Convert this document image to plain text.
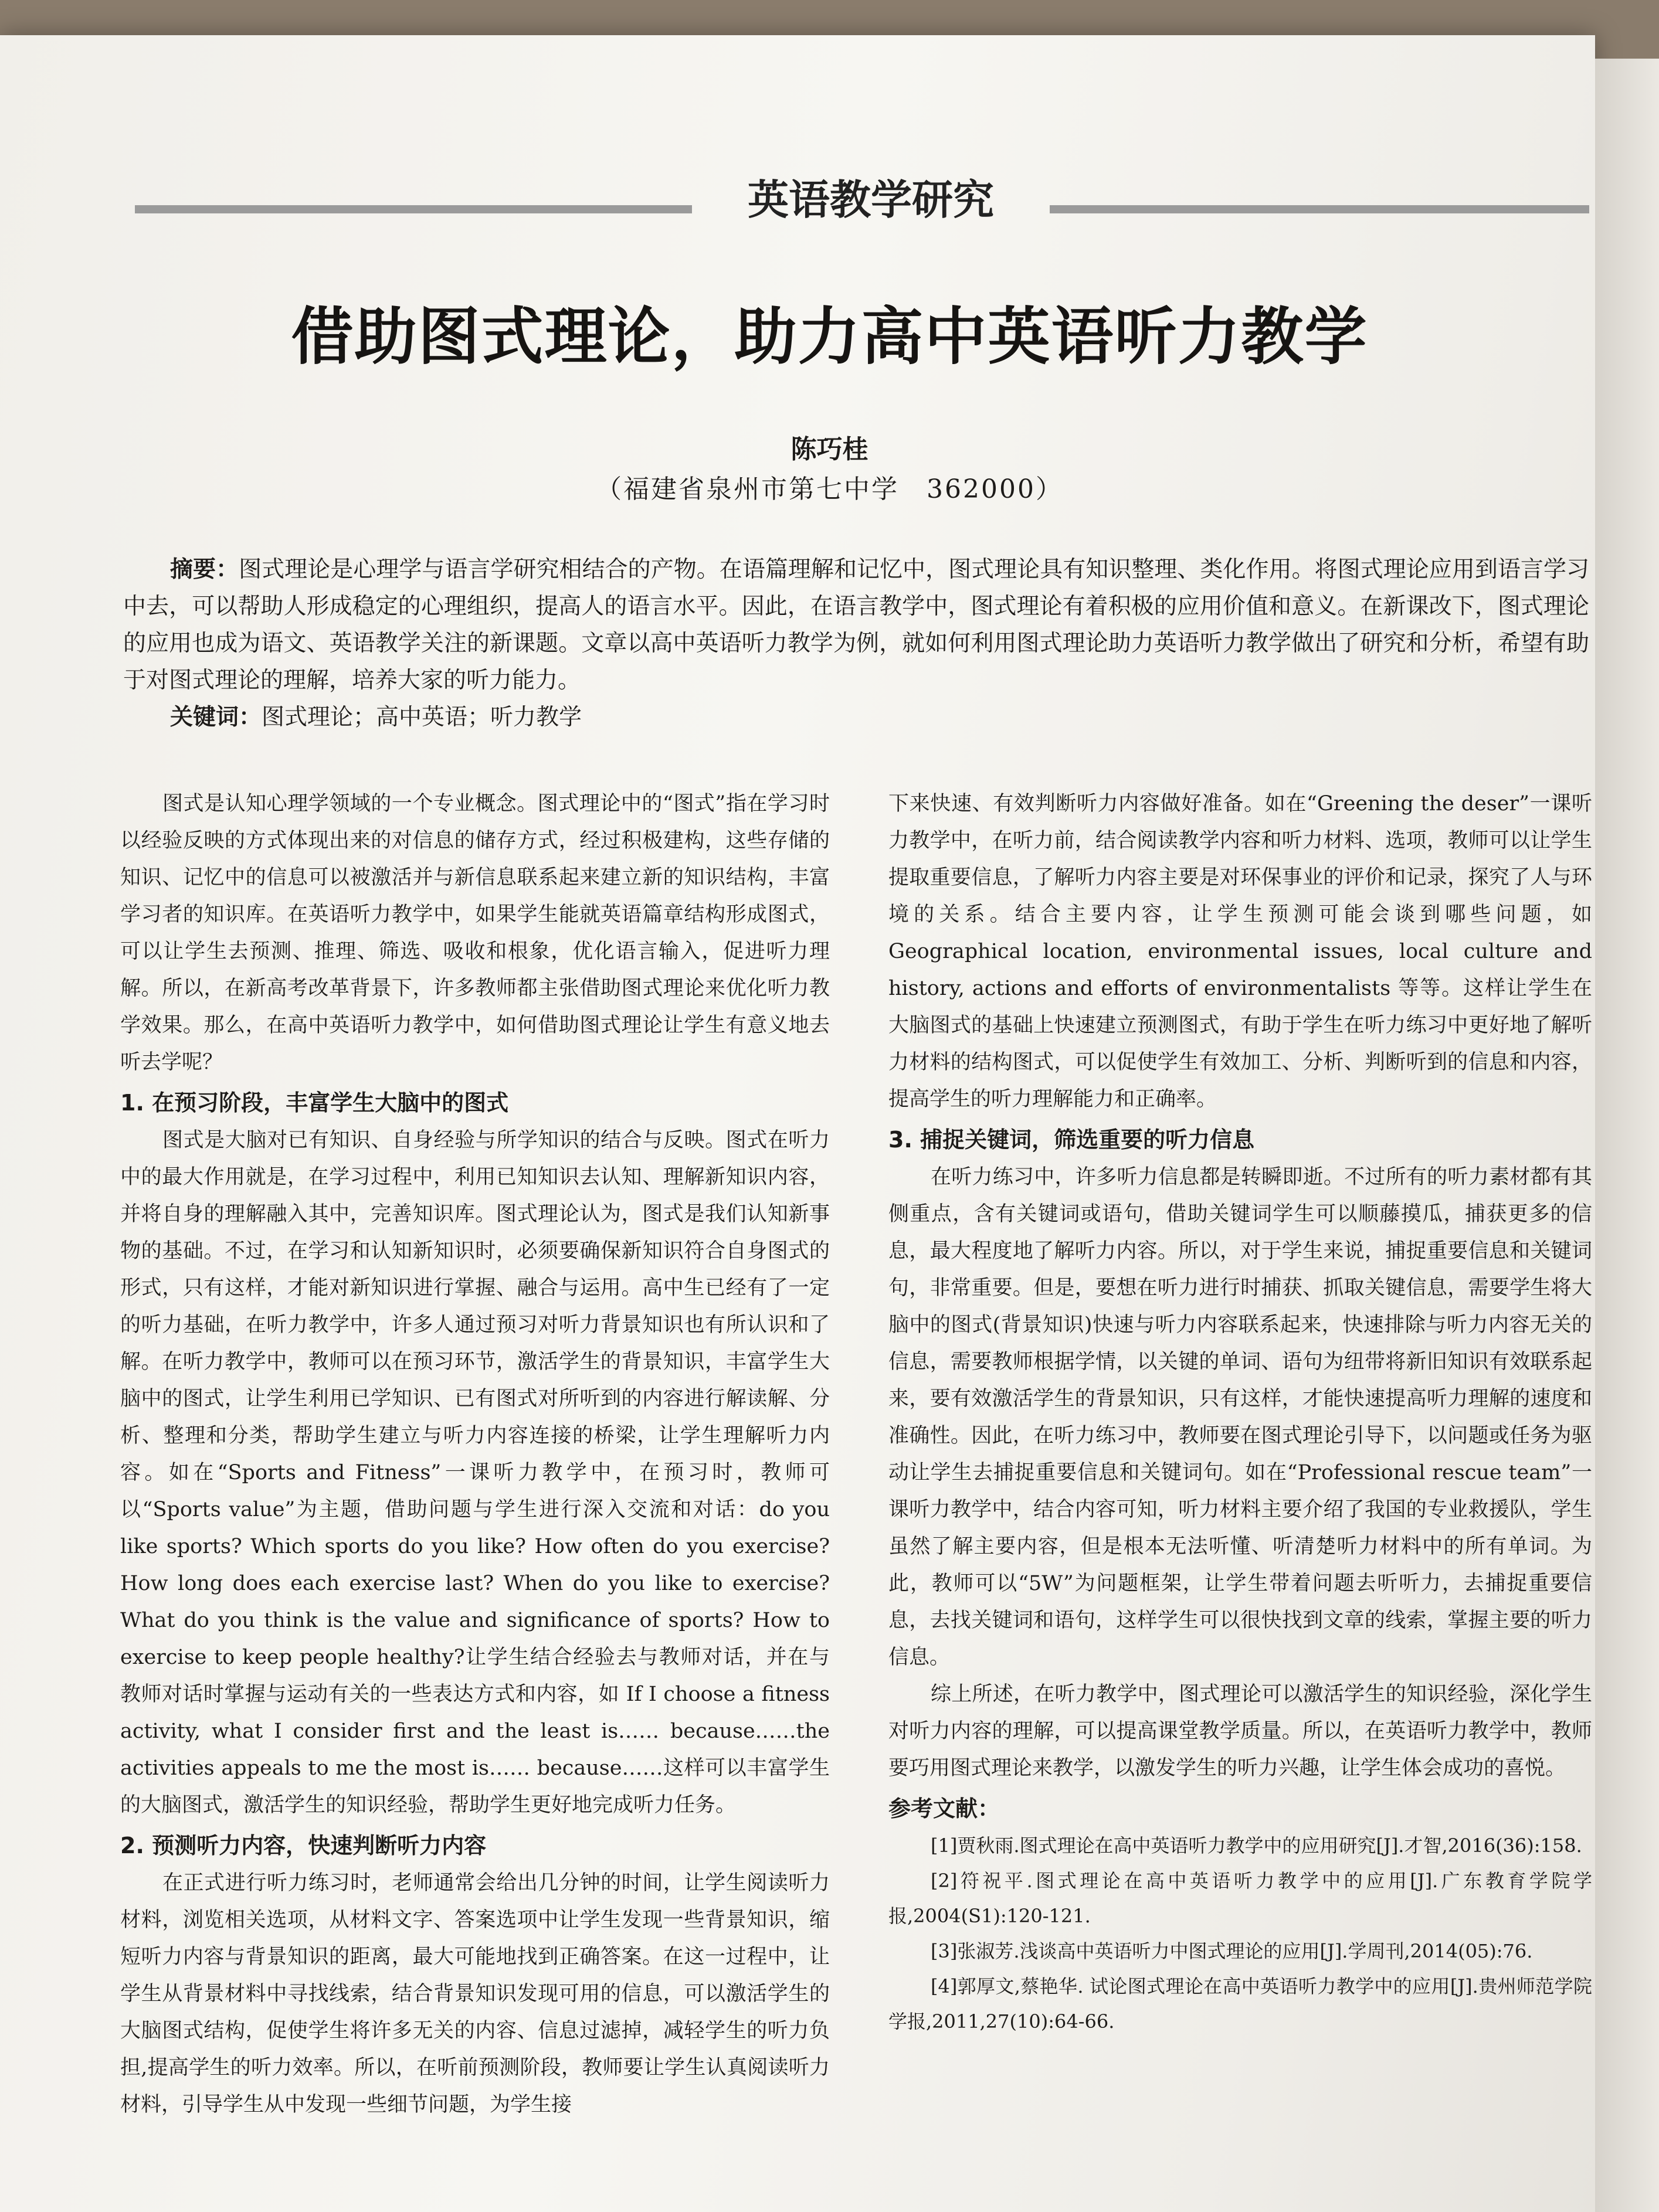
英语教学研究
借助图式理论，助力高中英语听力教学
陈巧桂
（福建省泉州市第七中学　362000）

摘要：图式理论是心理学与语言学研究相结合的产物。在语篇理解和记忆中，图式理论具有知识整理、类化作用。将图式理论应用到语言学习中去，可以帮助人形成稳定的心理组织，提高人的语言水平。因此，在语言教学中，图式理论有着积极的应用价值和意义。在新课改下，图式理论的应用也成为语文、英语教学关注的新课题。文章以高中英语听力教学为例，就如何利用图式理论助力英语听力教学做出了研究和分析，希望有助于对图式理论的理解，培养大家的听力能力。

关键词：图式理论；高中英语；听力教学

图式是认知心理学领域的一个专业概念。图式理论中的“图式”指在学习时以经验反映的方式体现出来的对信息的储存方式，经过积极建构，这些存储的知识、记忆中的信息可以被激活并与新信息联系起来建立新的知识结构，丰富学习者的知识库。在英语听力教学中，如果学生能就英语篇章结构形成图式，可以让学生去预测、推理、筛选、吸收和根象，优化语言输入，促进听力理解。所以，在新高考改革背景下，许多教师都主张借助图式理论来优化听力教学效果。那么，在高中英语听力教学中，如何借助图式理论让学生有意义地去听去学呢？

1. 在预习阶段，丰富学生大脑中的图式

图式是大脑对已有知识、自身经验与所学知识的结合与反映。图式在听力中的最大作用就是，在学习过程中，利用已知知识去认知、理解新知识内容，并将自身的理解融入其中，完善知识库。图式理论认为，图式是我们认知新事物的基础。不过，在学习和认知新知识时，必须要确保新知识符合自身图式的形式，只有这样，才能对新知识进行掌握、融合与运用。高中生已经有了一定的听力基础，在听力教学中，许多人通过预习对听力背景知识也有所认识和了解。在听力教学中，教师可以在预习环节，激活学生的背景知识，丰富学生大脑中的图式，让学生利用已学知识、已有图式对所听到的内容进行解读解、分析、整理和分类，帮助学生建立与听力内容连接的桥梁，让学生理解听力内容。如在“Sports and Fitness”一课听力教学中，在预习时，教师可以“Sports value”为主题，借助问题与学生进行深入交流和对话：do you like sports? Which sports do you like? How often do you exercise? How long does each exercise last? When do you like to exercise? What do you think is the value and significance of sports? How to exercise to keep people healthy?让学生结合经验去与教师对话，并在与教师对话时掌握与运动有关的一些表达方式和内容，如 If I choose a fitness activity, what I consider first and the least is…… because……the activities appeals to me the most is…… because……这样可以丰富学生的大脑图式，激活学生的知识经验，帮助学生更好地完成听力任务。

2. 预测听力内容，快速判断听力内容

在正式进行听力练习时，老师通常会给出几分钟的时间，让学生阅读听力材料，浏览相关选项，从材料文字、答案选项中让学生发现一些背景知识，缩短听力内容与背景知识的距离，最大可能地找到正确答案。在这一过程中，让学生从背景材料中寻找线索，结合背景知识发现可用的信息，可以激活学生的大脑图式结构，促使学生将许多无关的内容、信息过滤掉，减轻学生的听力负担,提高学生的听力效率。所以，在听前预测阶段，教师要让学生认真阅读听力材料，引导学生从中发现一些细节问题，为学生接

下来快速、有效判断听力内容做好准备。如在“Greening the deser”一课听力教学中，在听力前，结合阅读教学内容和听力材料、选项，教师可以让学生提取重要信息，了解听力内容主要是对环保事业的评价和记录，探究了人与环境的关系。结合主要内容，让学生预测可能会谈到哪些问题，如 Geographical location, environmental issues, local culture and history, actions and efforts of environmentalists 等等。这样让学生在大脑图式的基础上快速建立预测图式，有助于学生在听力练习中更好地了解听力材料的结构图式，可以促使学生有效加工、分析、判断听到的信息和内容，提高学生的听力理解能力和正确率。

3. 捕捉关键词，筛选重要的听力信息

在听力练习中，许多听力信息都是转瞬即逝。不过所有的听力素材都有其侧重点，含有关键词或语句，借助关键词学生可以顺藤摸瓜，捕获更多的信息，最大程度地了解听力内容。所以，对于学生来说，捕捉重要信息和关键词句，非常重要。但是，要想在听力进行时捕获、抓取关键信息，需要学生将大脑中的图式(背景知识)快速与听力内容联系起来，快速排除与听力内容无关的信息，需要教师根据学情，以关键的单词、语句为纽带将新旧知识有效联系起来，要有效激活学生的背景知识，只有这样，才能快速提高听力理解的速度和准确性。因此，在听力练习中，教师要在图式理论引导下，以问题或任务为驱动让学生去捕捉重要信息和关键词句。如在“Professional rescue team”一课听力教学中，结合内容可知，听力材料主要介绍了我国的专业救援队，学生虽然了解主要内容，但是根本无法听懂、听清楚听力材料中的所有单词。为此，教师可以“5W”为问题框架，让学生带着问题去听听力，去捕捉重要信息，去找关键词和语句，这样学生可以很快找到文章的线索，掌握主要的听力信息。

综上所述，在听力教学中，图式理论可以激活学生的知识经验，深化学生对听力内容的理解，可以提高课堂教学质量。所以，在英语听力教学中，教师要巧用图式理论来教学，以激发学生的听力兴趣，让学生体会成功的喜悦。

参考文献：

[1]贾秋雨.图式理论在高中英语听力教学中的应用研究[J].才智,2016(36):158.

[2]符祝平.图式理论在高中英语听力教学中的应用[J].广东教育学院学报,2004(S1):120-121.

[3]张淑芳.浅谈高中英语听力中图式理论的应用[J].学周刊,2014(05):76.

[4]郭厚文,蔡艳华. 试论图式理论在高中英语听力教学中的应用[J].贵州师范学院学报,2011,27(10):64-66.
